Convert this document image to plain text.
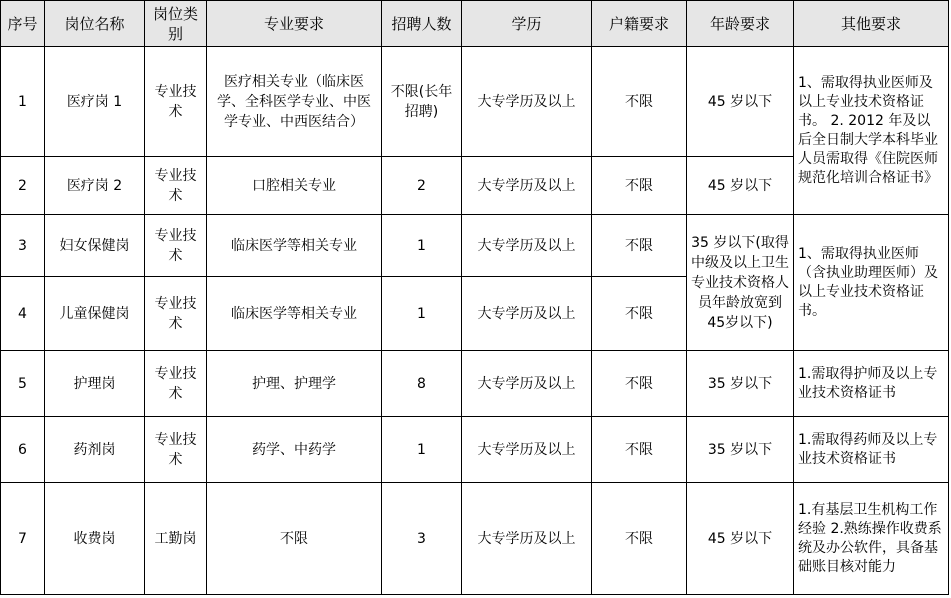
序号	岗位名称	岗位类别	专业要求	招聘人数	学历	户籍要求	年龄要求	其他要求
1	医疗岗 1	专业技术	医疗相关专业（临床医学、全科医学专业、中医学专业、中西医结合）	不限(长年招聘)	大专学历及以上	不限	45 岁以下	1、需取得执业医师及以上专业技术资格证书。 2. 2012 年及以后全日制大学本科毕业人员需取得《住院医师规范化培训合格证书》
2	医疗岗 2	专业技术	口腔相关专业	2	大专学历及以上	不限	45 岁以下	
3	妇女保健岗	专业技术	临床医学等相关专业	1	大专学历及以上	不限	35 岁以下(取得中级及以上卫生专业技术资格人员年龄放宽到 45岁以下)	1、需取得执业医师（含执业助理医师）及以上专业技术资格证书。
4	儿童保健岗	专业技术	临床医学等相关专业	1	大专学历及以上	不限		
5	护理岗	专业技术	护理、护理学	8	大专学历及以上	不限	35 岁以下	1.需取得护师及以上专业技术资格证书
6	药剂岗	专业技术	药学、中药学	1	大专学历及以上	不限	35 岁以下	1.需取得药师及以上专业技术资格证书
7	收费岗	工勤岗	不限	3	大专学历及以上	不限	45 岁以下	1.有基层卫生机构工作经验 2.熟练操作收费系统及办公软件，具备基础账目核对能力
